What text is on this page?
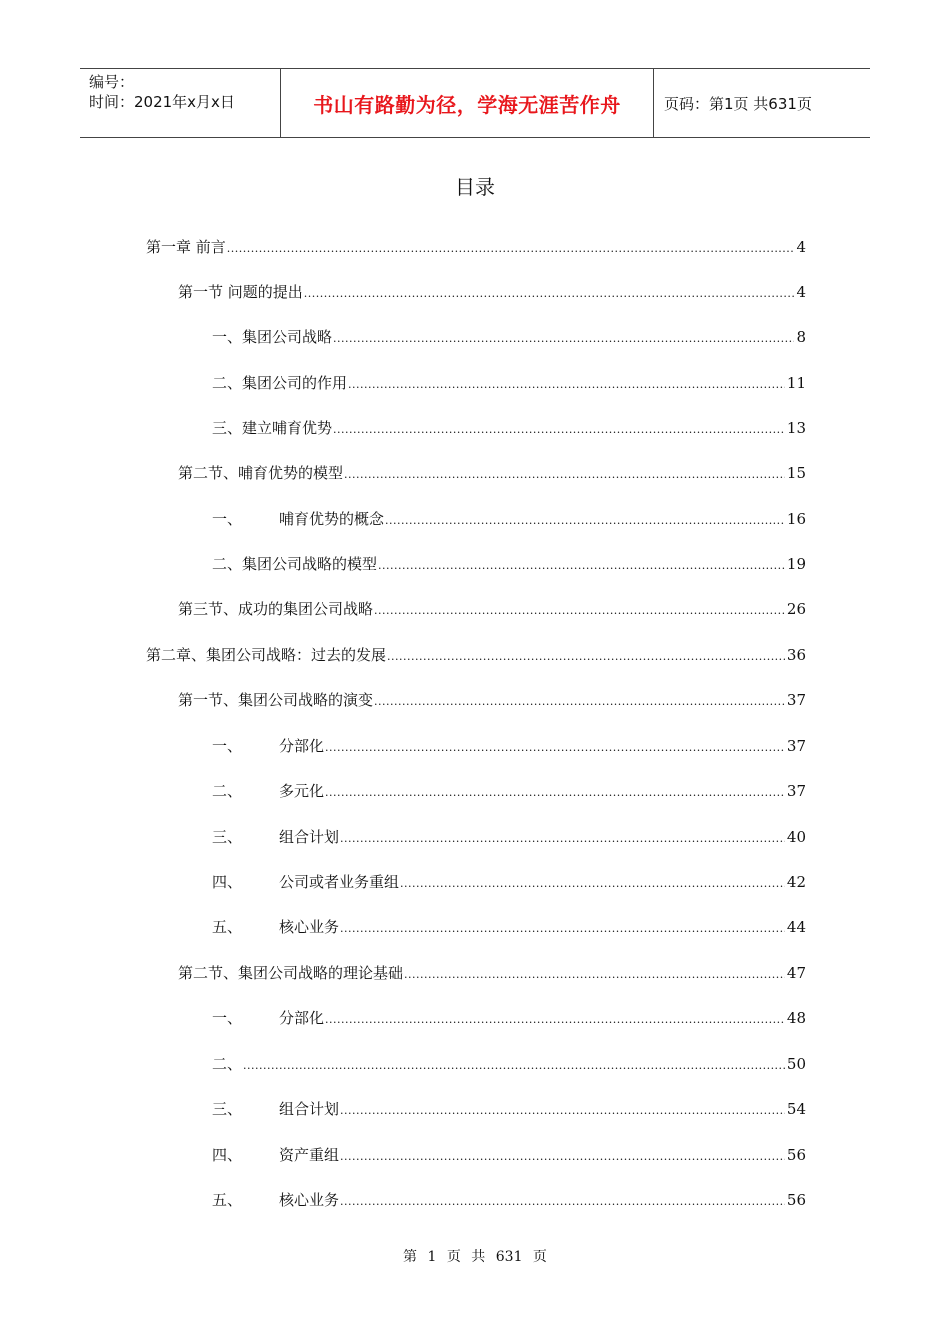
编号：
时间：2021年x月x日	书山有路勤为径，学海无涯苦作舟	页码：第1页 共631页
目录
第一章 前言 .....	4
第一节 问题的提出 .....	4
一、集团公司战略 .....	8
二、集团公司的作用 .....	11
三、建立哺育优势 .....	13
第二节、哺育优势的模型 .....	15
一、	哺育优势的概念 .....	16
二、集团公司战略的模型 .....	19
第三节、成功的集团公司战略 .....	26
第二章、集团公司战略：过去的发展 .....	36
第一节、集团公司战略的演变 .....	37
一、	分部化 .....	37
二、	多元化 .....	37
三、	组合计划 .....	40
四、	公司或者业务重组 .....	42
五、	核心业务 .....	44
第二节、集团公司战略的理论基础 .....	47
一、	分部化 .....	48
二、 .....	50
三、	组合计划 .....	54
四、	资产重组 .....	56
五、	核心业务 .....	56
第 1 页 共 631 页
